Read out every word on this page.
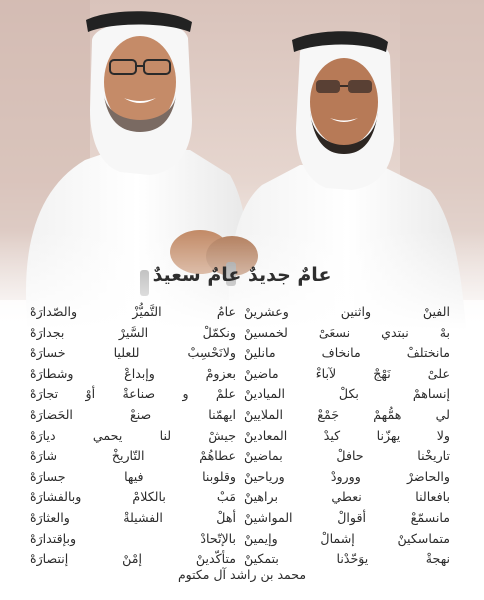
عامٌ جديدٌ عامٌ سعيدٌ
الفينْ واثنين وعشرينْ
عامُ التَّميُّزْ والصّدارَهْ
بهْ نبتدي نسعَىْ لخمسينْ
ونكمّلْ السَّيرْ بجدارَهْ
مانختلفْ مانخاف مانلينْ
ولانَحْسِبْ للعليا خسارَهْ
علىْ نَهْجْ لآباءْ ماضينْ
بعزومْ وإبداعْ وشطارَهْ
إنساهمْ بكلْ الميادينْ
علمْ و صناعةْ أوْ تجارَهْ
لي همُّهمْ جَمْعْ الملايينْ
ايهمّنا صنعْ الحَضارَهْ
ولا يهزّنا كيدْ المعادينْ
جيشْ لنا يحمي ديارَهْ
تاريخْنا حافلْ بماضينْ
عطاهُمْ التّاريخْ شارَهْ
والحاضرْ وورودْ ورياحينْ
وقلوبنا فيها جسارَهْ
بافعالنا نعطي براهينْ
مَبْ بالكلامْ وبالفشارَهْ
مانسمّعْ أقوالْ المواشينْ
أهلْ الفشيلةْ والعثارَهْ
متماسكينْ إشمالْ وإيمينْ
بالإتّحادْ وبإقتدارَهْ
نهجةْ يوَحّدْنا بتمكينْ
متأكّدينْ إمْنْ إنتصارَهْ
محمد بن راشد آل مكتوم
